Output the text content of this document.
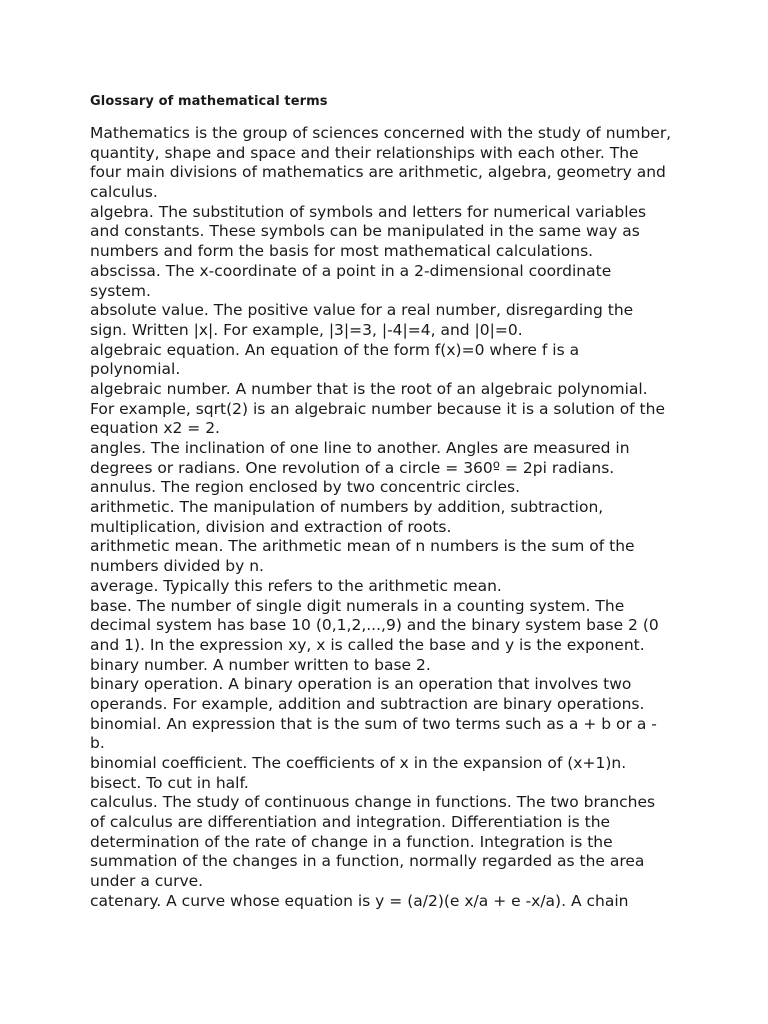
Glossary of mathematical terms
Mathematics is the group of sciences concerned with the study of number,
quantity, shape and space and their relationships with each other. The
four main divisions of mathematics are arithmetic, algebra, geometry and
calculus.
algebra. The substitution of symbols and letters for numerical variables
and constants. These symbols can be manipulated in the same way as
numbers and form the basis for most mathematical calculations.
abscissa. The x-coordinate of a point in a 2-dimensional coordinate
system.
absolute value. The positive value for a real number, disregarding the
sign. Written |x|. For example, |3|=3, |-4|=4, and |0|=0.
algebraic equation. An equation of the form f(x)=0 where f is a
polynomial.
algebraic number. A number that is the root of an algebraic polynomial.
For example, sqrt(2) is an algebraic number because it is a solution of the
equation x2 = 2.
angles. The inclination of one line to another. Angles are measured in
degrees or radians. One revolution of a circle = 360º = 2pi radians.
annulus. The region enclosed by two concentric circles.
arithmetic. The manipulation of numbers by addition, subtraction,
multiplication, division and extraction of roots.
arithmetic mean. The arithmetic mean of n numbers is the sum of the
numbers divided by n.
average. Typically this refers to the arithmetic mean.
base. The number of single digit numerals in a counting system. The
decimal system has base 10 (0,1,2,...,9) and the binary system base 2 (0
and 1). In the expression xy, x is called the base and y is the exponent.
binary number. A number written to base 2.
binary operation. A binary operation is an operation that involves two
operands. For example, addition and subtraction are binary operations.
binomial. An expression that is the sum of two terms such as a + b or a -
b.
binomial coefficient. The coefficients of x in the expansion of (x+1)n.
bisect. To cut in half.
calculus. The study of continuous change in functions. The two branches
of calculus are differentiation and integration. Differentiation is the
determination of the rate of change in a function. Integration is the
summation of the changes in a function, normally regarded as the area
under a curve.
catenary. A curve whose equation is y = (a/2)(e x/a + e -x/a). A chain
